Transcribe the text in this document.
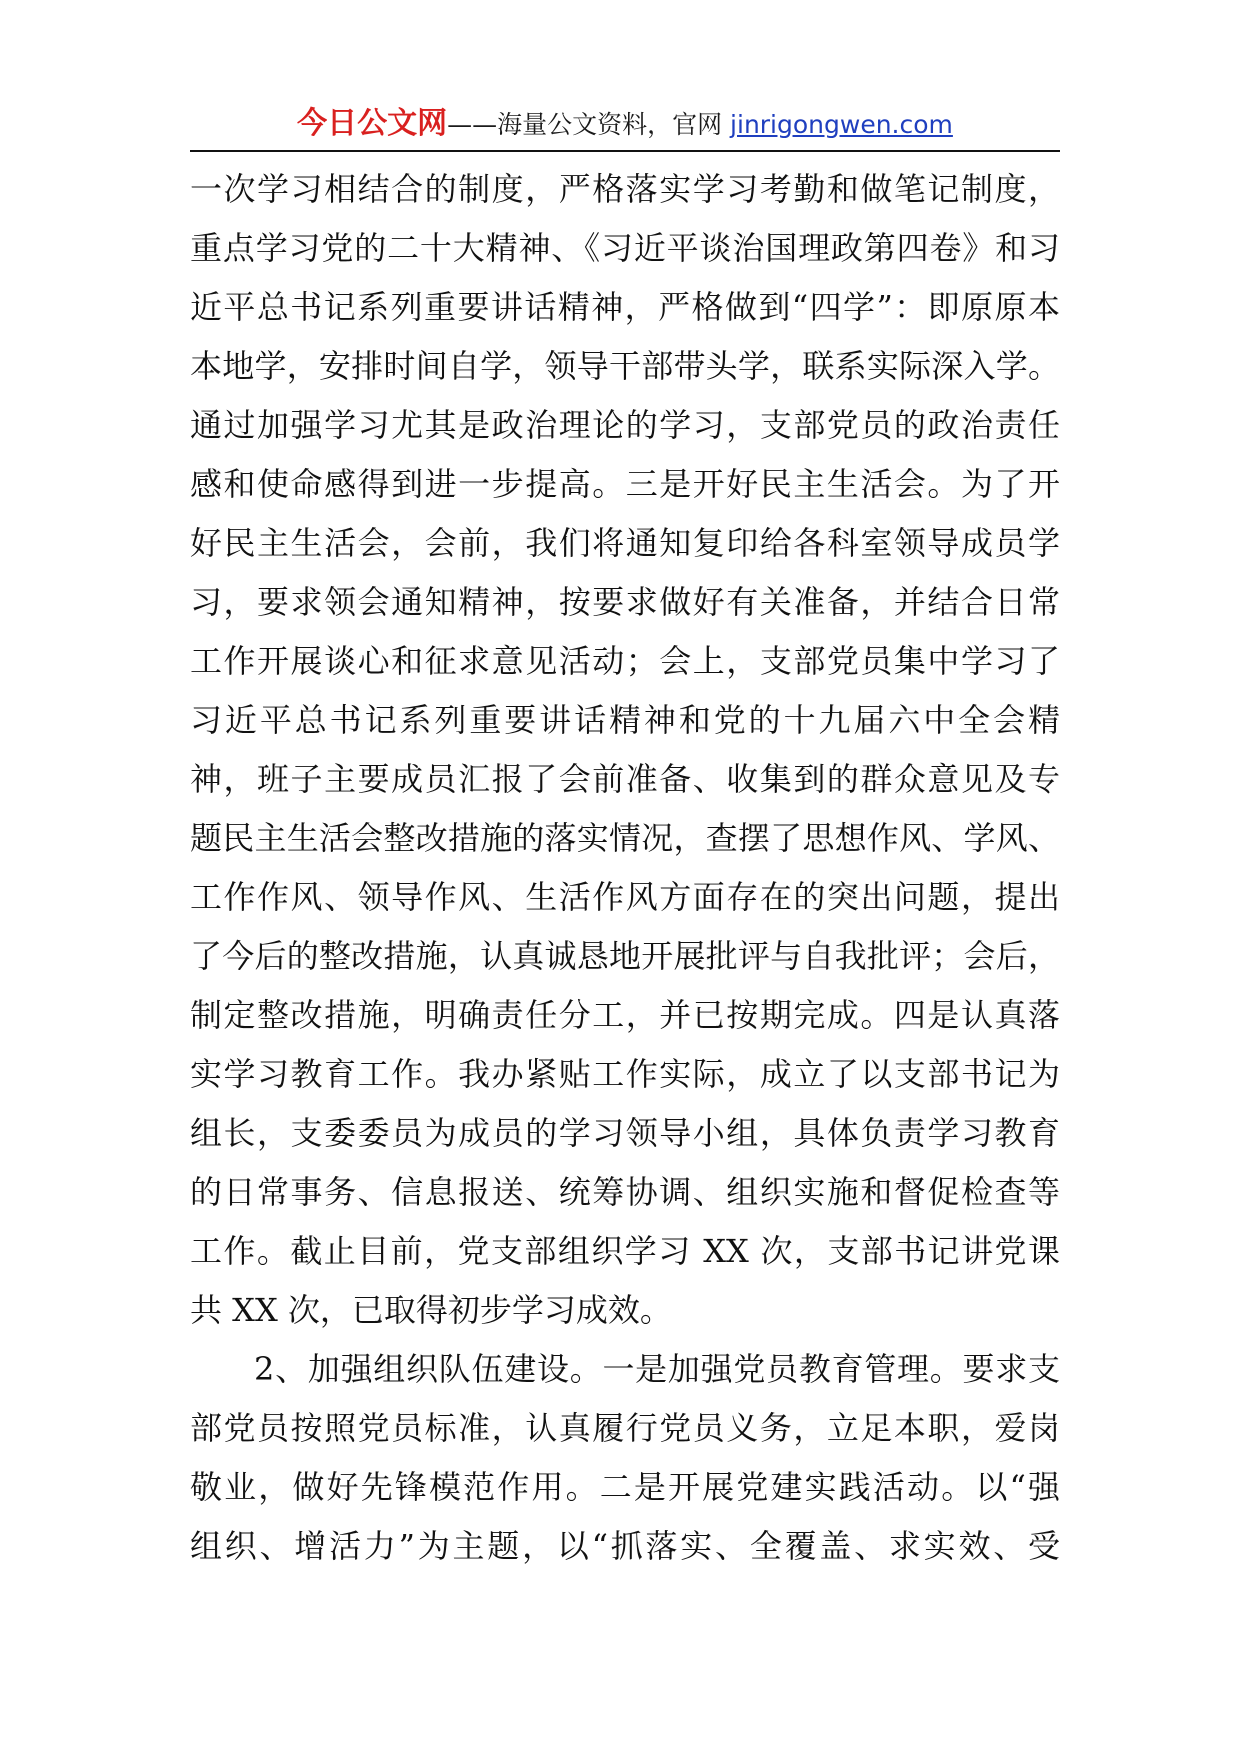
今日公文网——海量公文资料，官网 jinrigongwen.com
一次学习相结合的制度，严格落实学习考勤和做笔记制度，
重点学习党的二十大精神、《习近平谈治国理政第四卷》和习
近平总书记系列重要讲话精神，严格做到“四学”：即原原本
本地学，安排时间自学，领导干部带头学，联系实际深入学。
通过加强学习尤其是政治理论的学习，支部党员的政治责任
感和使命感得到进一步提高。三是开好民主生活会。为了开
好民主生活会，会前，我们将通知复印给各科室领导成员学
习，要求领会通知精神，按要求做好有关准备，并结合日常
工作开展谈心和征求意见活动；会上，支部党员集中学习了
习近平总书记系列重要讲话精神和党的十九届六中全会精
神，班子主要成员汇报了会前准备、收集到的群众意见及专
题民主生活会整改措施的落实情况，查摆了思想作风、学风、
工作作风、领导作风、生活作风方面存在的突出问题，提出
了今后的整改措施，认真诚恳地开展批评与自我批评；会后，
制定整改措施，明确责任分工，并已按期完成。四是认真落
实学习教育工作。我办紧贴工作实际，成立了以支部书记为
组长，支委委员为成员的学习领导小组，具体负责学习教育
的日常事务、信息报送、统筹协调、组织实施和督促检查等
工作。截止目前，党支部组织学习 XX 次，支部书记讲党课
共 XX 次，已取得初步学习成效。
2、加强组织队伍建设。一是加强党员教育管理。要求支
部党员按照党员标准，认真履行党员义务，立足本职，爱岗
敬业，做好先锋模范作用。二是开展党建实践活动。以“强
组织、增活力”为主题，以“抓落实、全覆盖、求实效、受
